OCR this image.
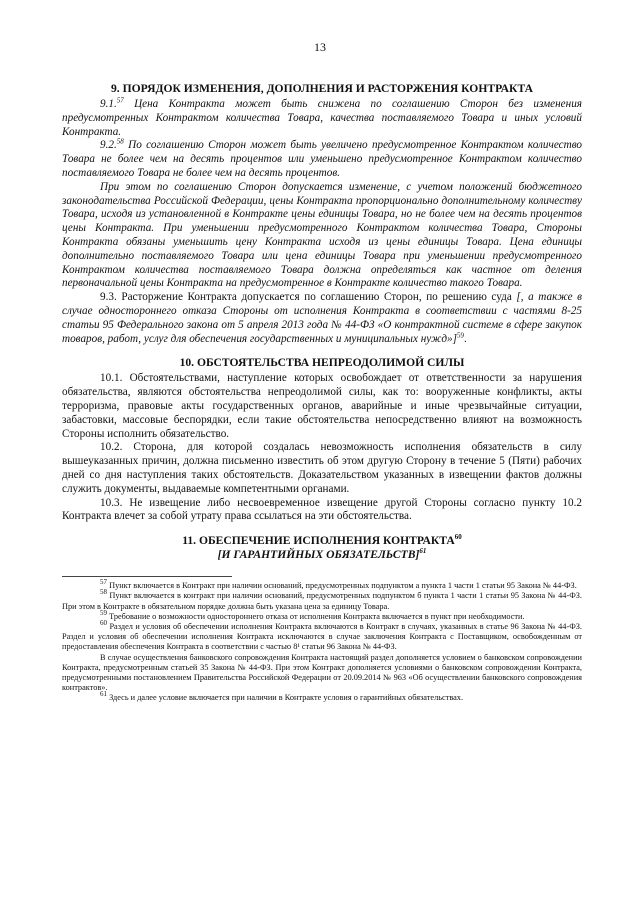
13
9. ПОРЯДОК ИЗМЕНЕНИЯ, ДОПОЛНЕНИЯ И РАСТОРЖЕНИЯ КОНТРАКТА

9.1.57 Цена Контракта может быть снижена по соглашению Сторон без изменения предусмотренных Контрактом количества Товара, качества поставляемого Товара и иных условий Контракта.

9.2.58 По соглашению Сторон может быть увеличено предусмотренное Контрактом количество Товара не более чем на десять процентов или уменьшено предусмотренное Контрактом количество поставляемого Товара не более чем на десять процентов.

При этом по соглашению Сторон допускается изменение, с учетом положений бюджетного законодательства Российской Федерации, цены Контракта пропорционально дополнительному количеству Товара, исходя из установленной в Контракте цены единицы Товара, но не более чем на десять процентов цены Контракта. При уменьшении предусмотренного Контрактом количества Товара, Стороны Контракта обязаны уменьшить цену Контракта исходя из цены единицы Товара. Цена единицы дополнительно поставляемого Товара или цена единицы Товара при уменьшении предусмотренного Контрактом количества поставляемого Товара должна определяться как частное от деления первоначальной цены Контракта на предусмотренное в Контракте количество такого Товара.

9.3. Расторжение Контракта допускается по соглашению Сторон, по решению суда [, а также в случае одностороннего отказа Стороны от исполнения Контракта в соответствии с частями 8-25 статьи 95 Федерального закона от 5 апреля 2013 года № 44-ФЗ «О контрактной системе в сфере закупок товаров, работ, услуг для обеспечения государственных и муниципальных нужд»]$^{59}$.

10. ОБСТОЯТЕЛЬСТВА НЕПРЕОДОЛИМОЙ СИЛЫ

10.1. Обстоятельствами, наступление которых освобождает от ответственности за нарушения обязательства, являются обстоятельства непреодолимой силы, как то: вооруженные конфликты, акты терроризма, правовые акты государственных органов, аварийные и иные чрезвычайные ситуации, забастовки, массовые беспорядки, если такие обстоятельства непосредственно влияют на возможность Стороны исполнить обязательство.

10.2. Сторона, для которой создалась невозможность исполнения обязательств в силу вышеуказанных причин, должна письменно известить об этом другую Сторону в течение 5 (Пяти) рабочих дней со дня наступления таких обстоятельств. Доказательством указанных в извещении фактов должны служить документы, выдаваемые компетентными органами.

10.3. Не извещение либо несвоевременное извещение другой Стороны согласно пункту 10.2 Контракта влечет за собой утрату права ссылаться на эти обстоятельства.

11. ОБЕСПЕЧЕНИЕ ИСПОЛНЕНИЯ КОНТРАКТА$^{60}$
[И ГАРАНТИЙНЫХ ОБЯЗАТЕЛЬСТВ]$^{61}$

$^{57}$ Пункт включается в Контракт при наличии оснований, предусмотренных подпунктом а пункта 1 части 1 статьи 95 Закона № 44-ФЗ.

$^{58}$ Пункт включается в контракт при наличии оснований, предусмотренных подпунктом б пункта 1 части 1 статьи 95 Закона № 44-ФЗ. При этом в Контракте в обязательном порядке должна быть указана цена за единицу Товара.

$^{59}$ Требование о возможности одностороннего отказа от исполнения Контракта включается в пункт при необходимости.

$^{60}$ Раздел и условия об обеспечении исполнения Контракта включаются в Контракт в случаях, указанных в статье 96 Закона № 44-ФЗ. Раздел и условия об обеспечении исполнения Контракта исключаются в случае заключения Контракта с Поставщиком, освобожденным от предоставления обеспечения Контракта в соответствии с частью 8¹ статьи 96 Закона № 44-ФЗ.

В случае осуществления банковского сопровождения Контракта настоящий раздел дополняется условием о банковском сопровождении Контракта, предусмотренным статьей 35 Закона № 44-ФЗ. При этом Контракт дополняется условиями о банковском сопровождении Контракта, предусмотренными постановлением Правительства Российской Федерации от 20.09.2014 № 963 «Об осуществлении банковского сопровождения контрактов».

$^{61}$ Здесь и далее условие включается при наличии в Контракте условия о гарантийных обязательствах.
